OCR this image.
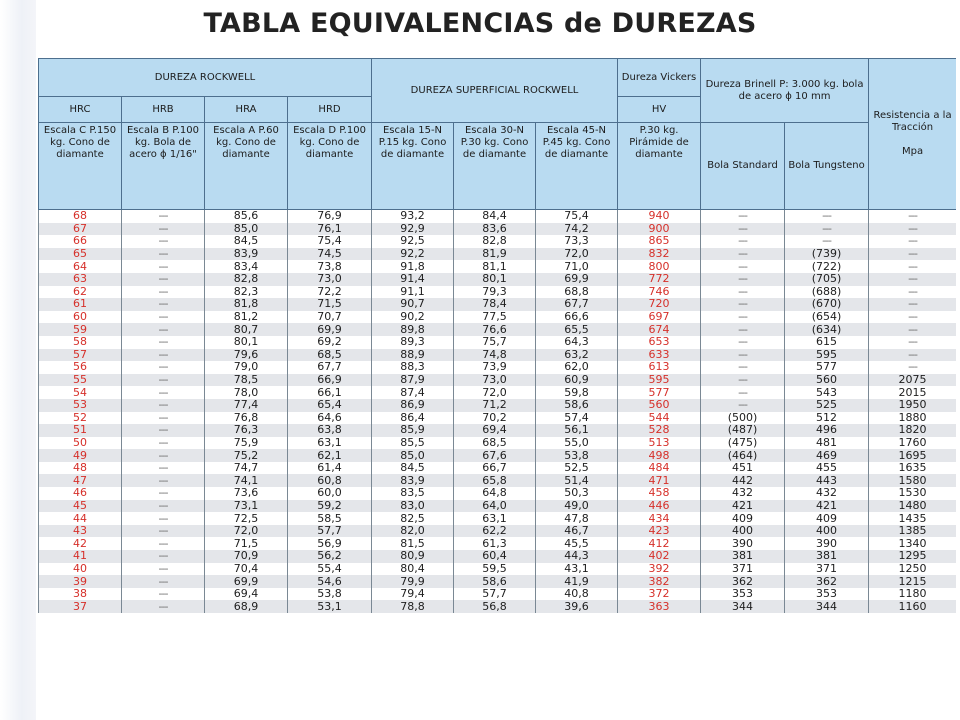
TABLA EQUIVALENCIAS de DUREZAS
DUREZA ROCKWELL				DUREZA SUPERFICIAL ROCKWELL			Dureza Vickers	Dureza Brinell P: 3.000 kg. bola de acero ϕ 10 mm		Resistencia a la Tracción

Mpa
HRC	HRB	HRA	HRD				HV			
Escala C P.150 kg. Cono de diamante	Escala B P.100 kg. Bola de acero ϕ 1/16"	Escala A P.60 kg. Cono de diamante	Escala D P.100 kg. Cono de diamante	Escala 15-N P.15 kg. Cono de diamante	Escala 30-N P.30 kg. Cono de diamante	Escala 45-N P.45 kg. Cono de diamante	P.30 kg. Pirámide de diamante	Bola Standard	Bola Tungsteno	
68	---	85,6	76,9	93,2	84,4	75,4	940	---	---	---
67	---	85,0	76,1	92,9	83,6	74,2	900	---	---	---
66	---	84,5	75,4	92,5	82,8	73,3	865	---	---	---
65	---	83,9	74,5	92,2	81,9	72,0	832	---	(739)	---
64	---	83,4	73,8	91,8	81,1	71,0	800	---	(722)	---
63	---	82,8	73,0	91,4	80,1	69,9	772	---	(705)	---
62	---	82,3	72,2	91,1	79,3	68,8	746	---	(688)	---
61	---	81,8	71,5	90,7	78,4	67,7	720	---	(670)	---
60	---	81,2	70,7	90,2	77,5	66,6	697	---	(654)	---
59	---	80,7	69,9	89,8	76,6	65,5	674	---	(634)	---
58	---	80,1	69,2	89,3	75,7	64,3	653	---	615	---
57	---	79,6	68,5	88,9	74,8	63,2	633	---	595	---
56	---	79,0	67,7	88,3	73,9	62,0	613	---	577	---
55	---	78,5	66,9	87,9	73,0	60,9	595	---	560	2075
54	---	78,0	66,1	87,4	72,0	59,8	577	---	543	2015
53	---	77,4	65,4	86,9	71,2	58,6	560	---	525	1950
52	---	76,8	64,6	86,4	70,2	57,4	544	(500)	512	1880
51	---	76,3	63,8	85,9	69,4	56,1	528	(487)	496	1820
50	---	75,9	63,1	85,5	68,5	55,0	513	(475)	481	1760
49	---	75,2	62,1	85,0	67,6	53,8	498	(464)	469	1695
48	---	74,7	61,4	84,5	66,7	52,5	484	451	455	1635
47	---	74,1	60,8	83,9	65,8	51,4	471	442	443	1580
46	---	73,6	60,0	83,5	64,8	50,3	458	432	432	1530
45	---	73,1	59,2	83,0	64,0	49,0	446	421	421	1480
44	---	72,5	58,5	82,5	63,1	47,8	434	409	409	1435
43	---	72,0	57,7	82,0	62,2	46,7	423	400	400	1385
42	---	71,5	56,9	81,5	61,3	45,5	412	390	390	1340
41	---	70,9	56,2	80,9	60,4	44,3	402	381	381	1295
40	---	70,4	55,4	80,4	59,5	43,1	392	371	371	1250
39	---	69,9	54,6	79,9	58,6	41,9	382	362	362	1215
38	---	69,4	53,8	79,4	57,7	40,8	372	353	353	1180
37	---	68,9	53,1	78,8	56,8	39,6	363	344	344	1160
